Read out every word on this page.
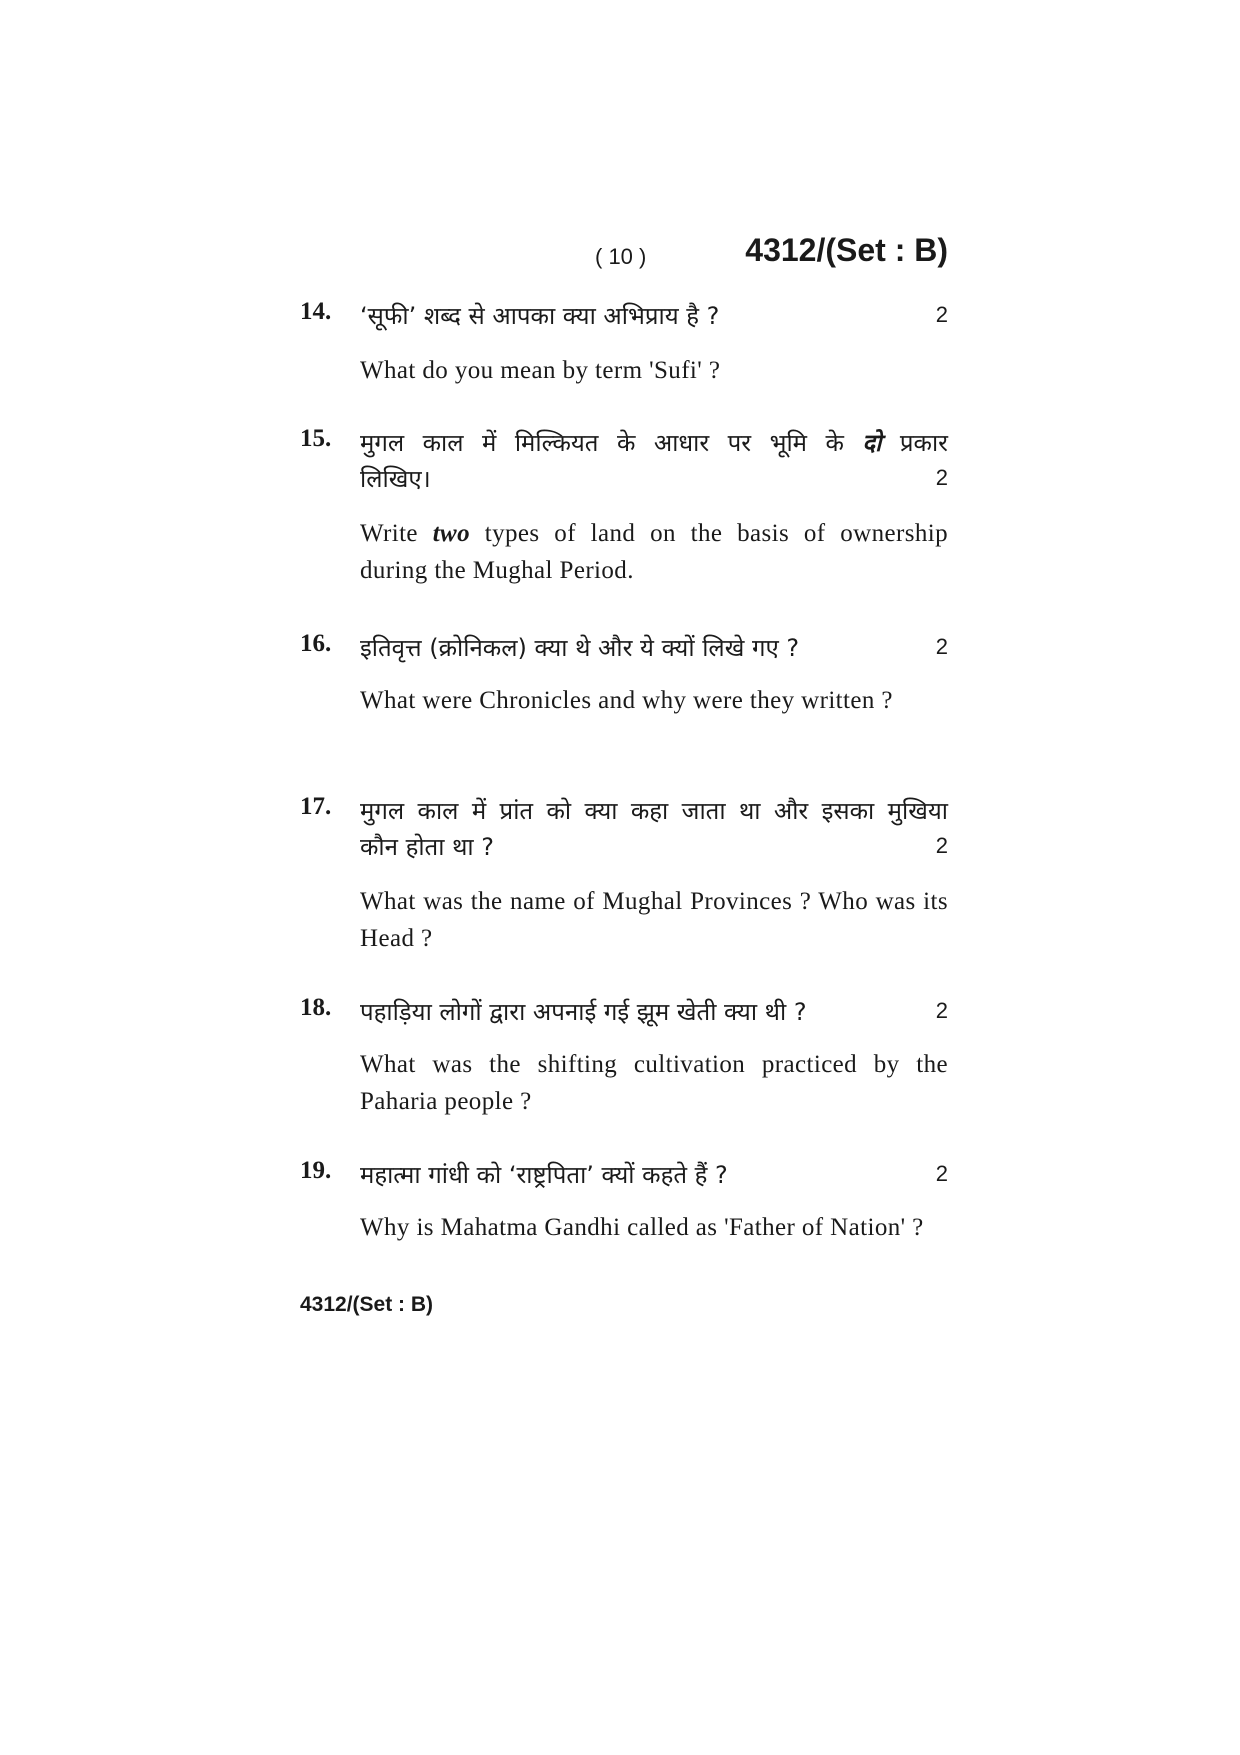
( 10 )	4312/(Set : B)
14. ‘सूफी’ शब्द से आपका क्या अभिप्राय है ?	2
What do you mean by term 'Sufi' ?
15. मुगल काल में मिल्कियत के आधार पर भूमि के दो प्रकार
लिखिए।	2
Write two types of land on the basis of ownership during the Mughal Period.
16. इतिवृत्त (क्रोनिकल) क्या थे और ये क्यों लिखे गए ?	2
What were Chronicles and why were they written ?
17. मुगल काल में प्रांत को क्या कहा जाता था और इसका मुखिया
कौन होता था ?	2
What was the name of Mughal Provinces ? Who was its Head ?
18. पहाड़िया लोगों द्वारा अपनाई गई झूम खेती क्या थी ?	2
What was the shifting cultivation practiced by the Paharia people ?
19. महात्मा गांधी को ‘राष्ट्रपिता’ क्यों कहते हैं ?	2
Why is Mahatma Gandhi called as 'Father of Nation' ?
4312/(Set : B)
